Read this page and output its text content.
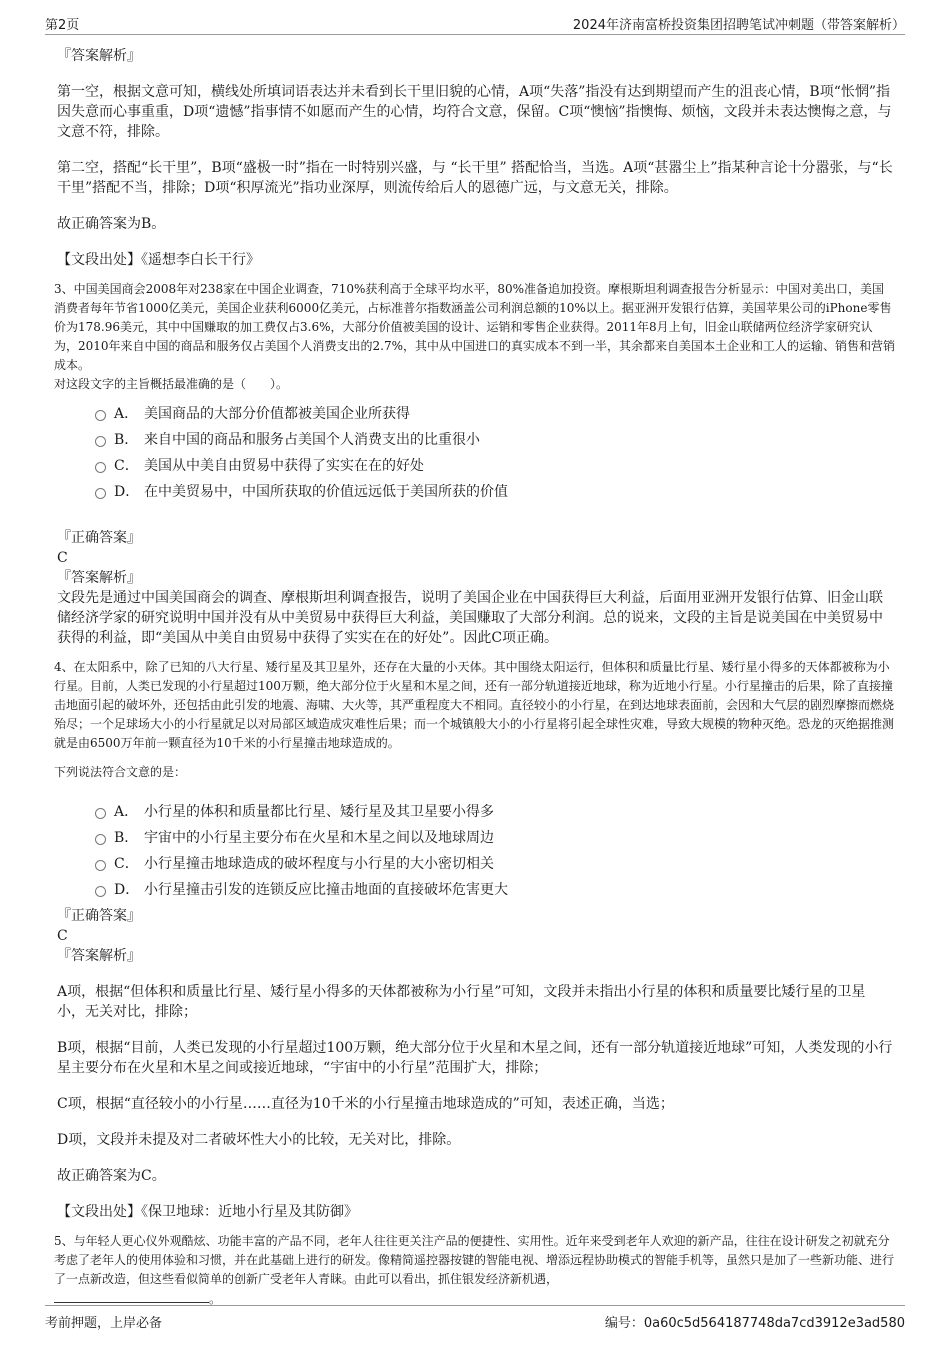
第2页	2024年济南富桥投资集团招聘笔试冲刺题（带答案解析）

『答案解析』

第一空，根据文意可知，横线处所填词语表达并未看到长干里旧貌的心情，A项“失落”指没有达到期望而产生的沮丧心情，B项“怅惘”指因失意而心事重重，D项“遗憾”指事情不如愿而产生的心情，均符合文意，保留。C项“懊恼”指懊悔、烦恼，文段并未表达懊悔之意，与文意不符，排除。

第二空，搭配“长干里”，B项“盛极一时”指在一时特别兴盛，与 “长干里” 搭配恰当，当选。A项“甚嚣尘上”指某种言论十分嚣张，与“长干里”搭配不当，排除；D项“积厚流光”指功业深厚，则流传给后人的恩德广远，与文意无关，排除。

故正确答案为B。

【文段出处】《遥想李白长干行》

3、中国美国商会2008年对238家在中国企业调查，710%获利高于全球平均水平，80%准备追加投资。摩根斯坦利调查报告分析显示：中国对美出口，美国消费者每年节省1000亿美元，美国企业获利6000亿美元，占标准普尔指数涵盖公司利润总额的10%以上。据亚洲开发银行估算，美国苹果公司的iPhone零售价为178.96美元，其中中国赚取的加工费仅占3.6%，大部分价值被美国的设计、运销和零售企业获得。2011年8月上旬，旧金山联储两位经济学家研究认为，2010年来自中国的商品和服务仅占美国个人消费支出的2.7%，其中从中国进口的真实成本不到一半，其余都来自美国本土企业和工人的运输、销售和营销成本。

对这段文字的主旨概括最准确的是（　　）。

A． 美国商品的大部分价值都被美国企业所获得
B． 来自中国的商品和服务占美国个人消费支出的比重很小
C． 美国从中美自由贸易中获得了实实在在的好处
D． 在中美贸易中，中国所获取的价值远远低于美国所获的价值

『正确答案』

C

『答案解析』

文段先是通过中国美国商会的调查、摩根斯坦利调查报告，说明了美国企业在中国获得巨大利益，后面用亚洲开发银行估算、旧金山联储经济学家的研究说明中国并没有从中美贸易中获得巨大利益，美国赚取了大部分利润。总的说来，文段的主旨是说美国在中美贸易中获得的利益，即“美国从中美自由贸易中获得了实实在在的好处”。因此C项正确。

4、在太阳系中，除了已知的八大行星、矮行星及其卫星外，还存在大量的小天体。其中围绕太阳运行，但体积和质量比行星、矮行星小得多的天体都被称为小行星。目前，人类已发现的小行星超过100万颗，绝大部分位于火星和木星之间，还有一部分轨道接近地球，称为近地小行星。小行星撞击的后果，除了直接撞击地面引起的破坏外，还包括由此引发的地震、海啸、大火等，其严重程度大不相同。直径较小的小行星，在到达地球表面前，会因和大气层的剧烈摩擦而燃烧殆尽；一个足球场大小的小行星就足以对局部区域造成灾难性后果；而一个城镇般大小的小行星将引起全球性灾难，导致大规模的物种灭绝。恐龙的灭绝据推测就是由6500万年前一颗直径为10千米的小行星撞击地球造成的。

下列说法符合文意的是：

A． 小行星的体积和质量都比行星、矮行星及其卫星要小得多
B． 宇宙中的小行星主要分布在火星和木星之间以及地球周边
C． 小行星撞击地球造成的破坏程度与小行星的大小密切相关
D． 小行星撞击引发的连锁反应比撞击地面的直接破坏危害更大

『正确答案』

C

『答案解析』

A项，根据“但体积和质量比行星、矮行星小得多的天体都被称为小行星”可知，文段并未指出小行星的体积和质量要比矮行星的卫星小，无关对比，排除；

B项，根据“目前，人类已发现的小行星超过100万颗，绝大部分位于火星和木星之间，还有一部分轨道接近地球”可知，人类发现的小行星主要分布在火星和木星之间或接近地球，“宇宙中的小行星”范围扩大，排除；

C项，根据“直径较小的小行星……直径为10千米的小行星撞击地球造成的”可知，表述正确，当选；

D项，文段并未提及对二者破坏性大小的比较，无关对比，排除。

故正确答案为C。

【文段出处】《保卫地球：近地小行星及其防御》

5、与年轻人更心仪外观酷炫、功能丰富的产品不同，老年人往往更关注产品的便捷性、实用性。近年来受到老年人欢迎的新产品，往往在设计研发之初就充分考虑了老年人的使用体验和习惯，并在此基础上进行的研发。像精简遥控器按键的智能电视、增添远程协助模式的智能手机等，虽然只是加了一些新功能、进行了一点新改造，但这些看似简单的创新广受老年人青睐。由此可以看出，抓住银发经济新机遇，

。

考前押题，上岸必备	编号：0a60c5d564187748da7cd3912e3ad580
